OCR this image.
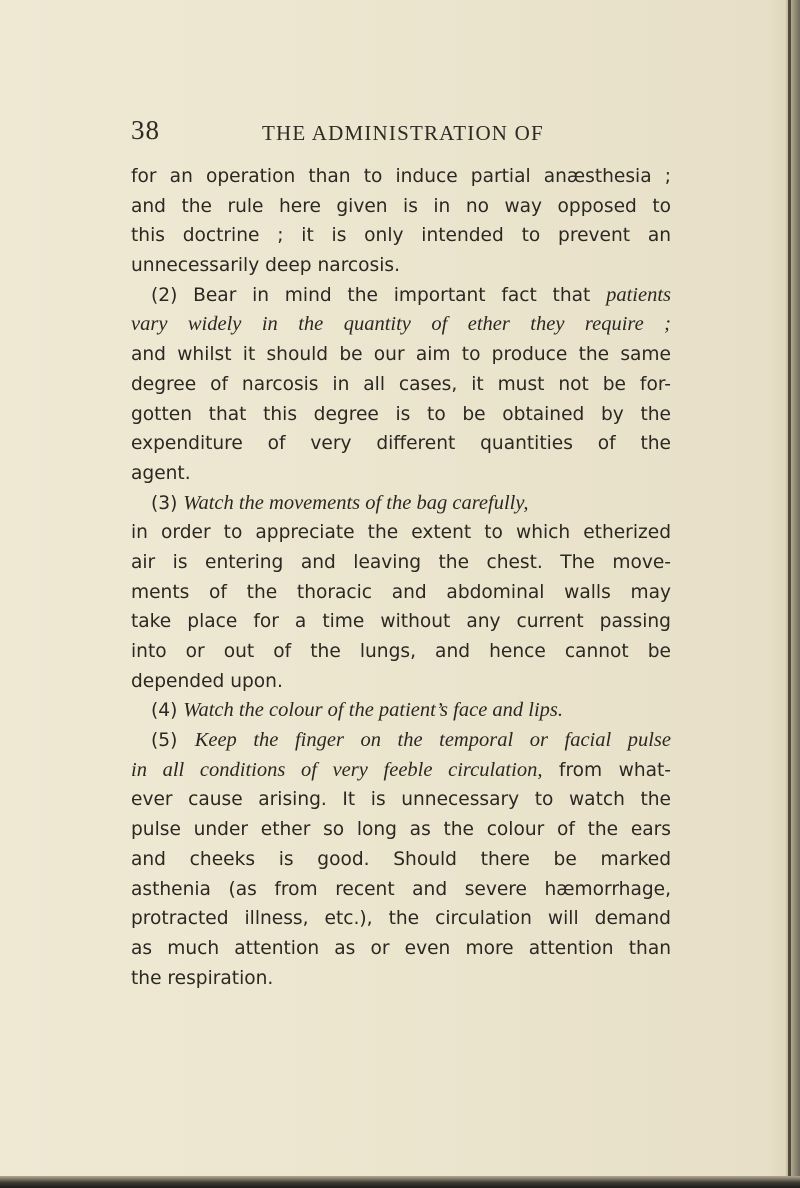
38	THE ADMINISTRATION OF
for an operation than to induce partial anæsthesia ;
and the rule here given is in no way opposed to
this doctrine ; it is only intended to prevent an
unnecessarily deep narcosis.
(2) Bear in mind the important fact that patients
vary widely in the quantity of ether they require ;
and whilst it should be our aim to produce the same
degree of narcosis in all cases, it must not be for-
gotten that this degree is to be obtained by the
expenditure of very different quantities of the
agent.
(3) Watch the movements of the bag carefully,
in order to appreciate the extent to which etherized
air is entering and leaving the chest. The move-
ments of the thoracic and abdominal walls may
take place for a time without any current passing
into or out of the lungs, and hence cannot be
depended upon.
(4) Watch the colour of the patient’s face and lips.
(5) Keep the finger on the temporal or facial pulse
in all conditions of very feeble circulation, from what-
ever cause arising. It is unnecessary to watch the
pulse under ether so long as the colour of the ears
and cheeks is good. Should there be marked
asthenia (as from recent and severe hæmorrhage,
protracted illness, etc.), the circulation will demand
as much attention as or even more attention than
the respiration.
